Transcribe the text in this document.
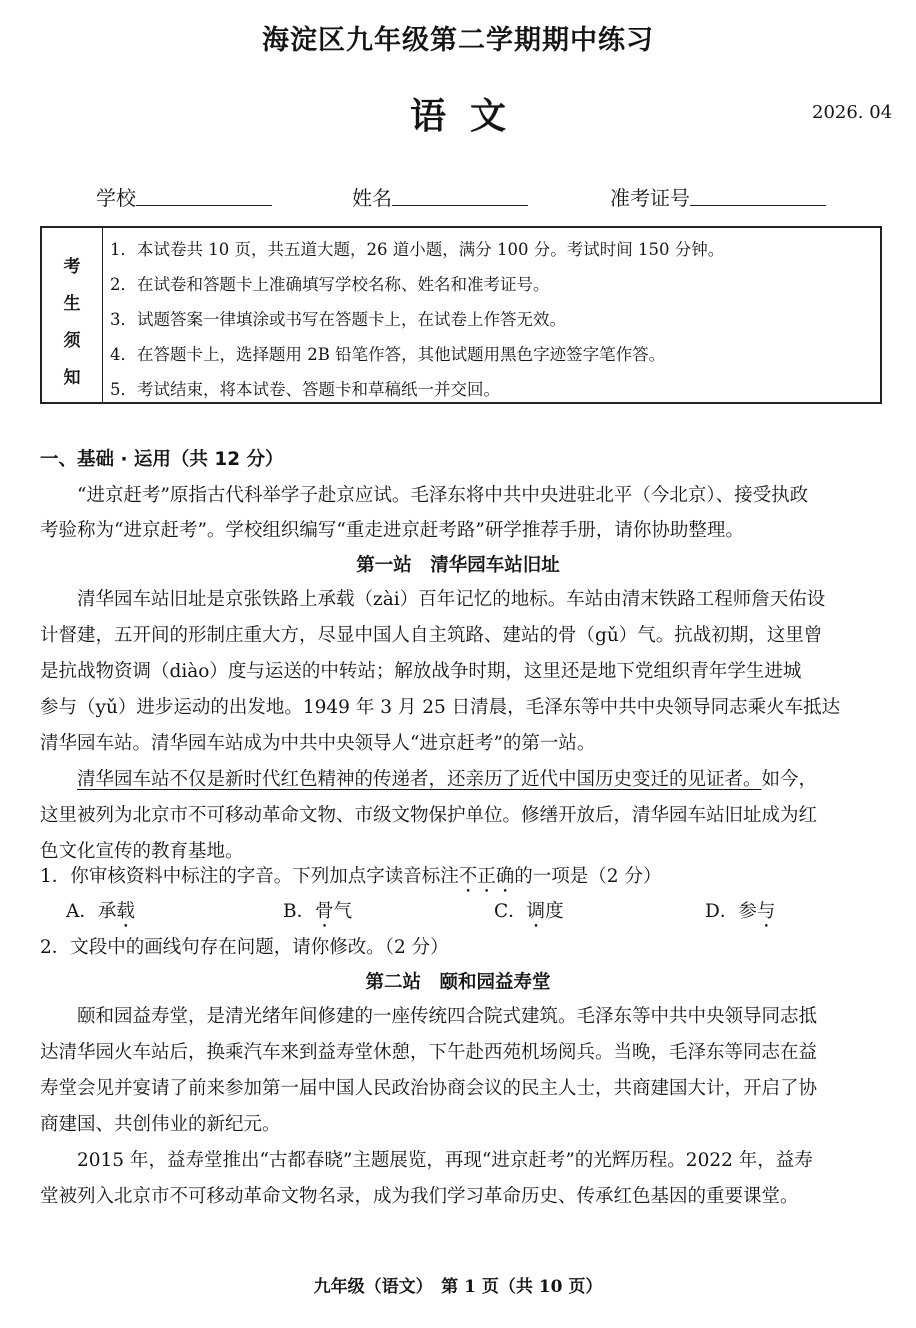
海淀区九年级第二学期期中练习
语文	2026. 04
学校	姓名	准考证号
考
生
须
知
1．本试卷共 10 页，共五道大题，26 道小题，满分 100 分。考试时间 150 分钟。
2．在试卷和答题卡上准确填写学校名称、姓名和准考证号。
3．试题答案一律填涂或书写在答题卡上，在试卷上作答无效。
4．在答题卡上，选择题用 2B 铅笔作答，其他试题用黑色字迹签字笔作答。
5．考试结束，将本试卷、答题卡和草稿纸一并交回。
一、基础 · 运用（共 12 分）
　　“进京赶考”原指古代科举学子赴京应试。毛泽东将中共中央进驻北平（今北京）、接受执政
考验称为“进京赶考”。学校组织编写“重走进京赶考路”研学推荐手册，请你协助整理。
第一站　清华园车站旧址
　　清华园车站旧址是京张铁路上承载（zài）百年记忆的地标。车站由清末铁路工程师詹天佑设
计督建，五开间的形制庄重大方，尽显中国人自主筑路、建站的骨（gǔ）气。抗战初期，这里曾
是抗战物资调（diào）度与运送的中转站；解放战争时期，这里还是地下党组织青年学生进城
参与（yǔ）进步运动的出发地。1949 年 3 月 25 日清晨，毛泽东等中共中央领导同志乘火车抵达
清华园车站。清华园车站成为中共中央领导人“进京赶考”的第一站。
　　清华园车站不仅是新时代红色精神的传递者，还亲历了近代中国历史变迁的见证者。如今，
这里被列为北京市不可移动革命文物、市级文物保护单位。修缮开放后，清华园车站旧址成为红
色文化宣传的教育基地。
1．你审核资料中标注的字音。下列加点字读音标注不正确的一项是（2 分）
A．承载	B．骨气	C．调度	D．参与
2．文段中的画线句存在问题，请你修改。（2 分）
第二站　颐和园益寿堂
　　颐和园益寿堂，是清光绪年间修建的一座传统四合院式建筑。毛泽东等中共中央领导同志抵
达清华园火车站后，换乘汽车来到益寿堂休憩，下午赴西苑机场阅兵。当晚，毛泽东等同志在益
寿堂会见并宴请了前来参加第一届中国人民政治协商会议的民主人士，共商建国大计，开启了协
商建国、共创伟业的新纪元。
　　2015 年，益寿堂推出“古都春晓”主题展览，再现“进京赶考”的光辉历程。2022 年，益寿
堂被列入北京市不可移动革命文物名录，成为我们学习革命历史、传承红色基因的重要课堂。
九年级（语文）　第 1 页（共 10 页）
